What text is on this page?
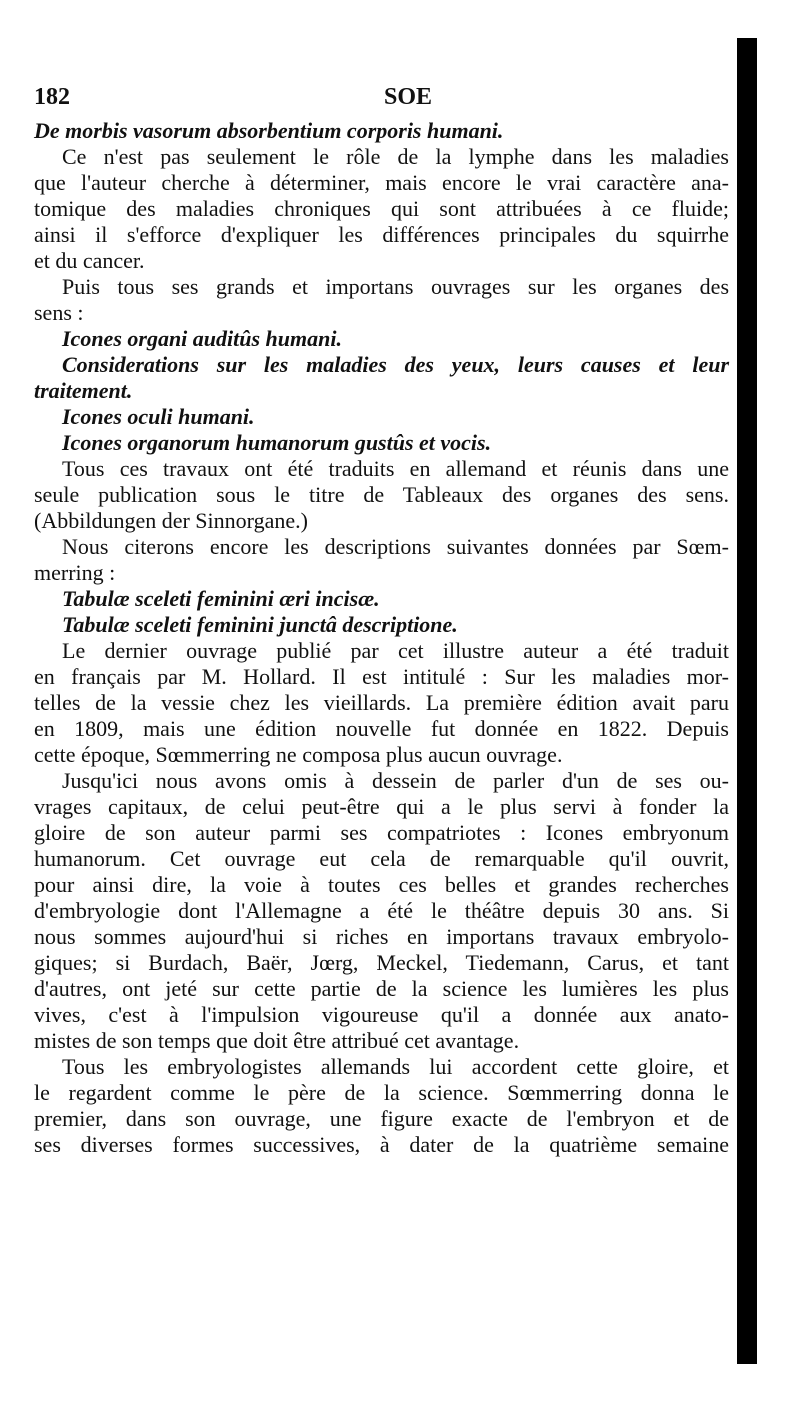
182	SOE
De morbis vasorum absorbentium corporis humani.
Ce n'est pas seulement le rôle de la lymphe dans les maladies
que l'auteur cherche à déterminer, mais encore le vrai caractère ana-
tomique des maladies chroniques qui sont attribuées à ce fluide;
ainsi il s'efforce d'expliquer les différences principales du squirrhe
et du cancer.
Puis tous ses grands et importans ouvrages sur les organes des
sens :
Icones organi auditûs humani.
Considerations sur les maladies des yeux, leurs causes et leur
traitement.
Icones oculi humani.
Icones organorum humanorum gustûs et vocis.
Tous ces travaux ont été traduits en allemand et réunis dans une
seule publication sous le titre de Tableaux des organes des sens.
(Abbildungen der Sinnorgane.)
Nous citerons encore les descriptions suivantes données par Sœm-
merring :
Tabulæ sceleti feminini æri incisæ.
Tabulæ sceleti feminini junctâ descriptione.
Le dernier ouvrage publié par cet illustre auteur a été traduit
en français par M. Hollard. Il est intitulé : Sur les maladies mor-
telles de la vessie chez les vieillards. La première édition avait paru
en 1809, mais une édition nouvelle fut donnée en 1822. Depuis
cette époque, Sœmmerring ne composa plus aucun ouvrage.
Jusqu'ici nous avons omis à dessein de parler d'un de ses ou-
vrages capitaux, de celui peut-être qui a le plus servi à fonder la
gloire de son auteur parmi ses compatriotes : Icones embryonum
humanorum. Cet ouvrage eut cela de remarquable qu'il ouvrit,
pour ainsi dire, la voie à toutes ces belles et grandes recherches
d'embryologie dont l'Allemagne a été le théâtre depuis 30 ans. Si
nous sommes aujourd'hui si riches en importans travaux embryolo-
giques; si Burdach, Baër, Jœrg, Meckel, Tiedemann, Carus, et tant
d'autres, ont jeté sur cette partie de la science les lumières les plus
vives, c'est à l'impulsion vigoureuse qu'il a donnée aux anato-
mistes de son temps que doit être attribué cet avantage.
Tous les embryologistes allemands lui accordent cette gloire, et
le regardent comme le père de la science. Sœmmerring donna le
premier, dans son ouvrage, une figure exacte de l'embryon et de
ses diverses formes successives, à dater de la quatrième semaine
